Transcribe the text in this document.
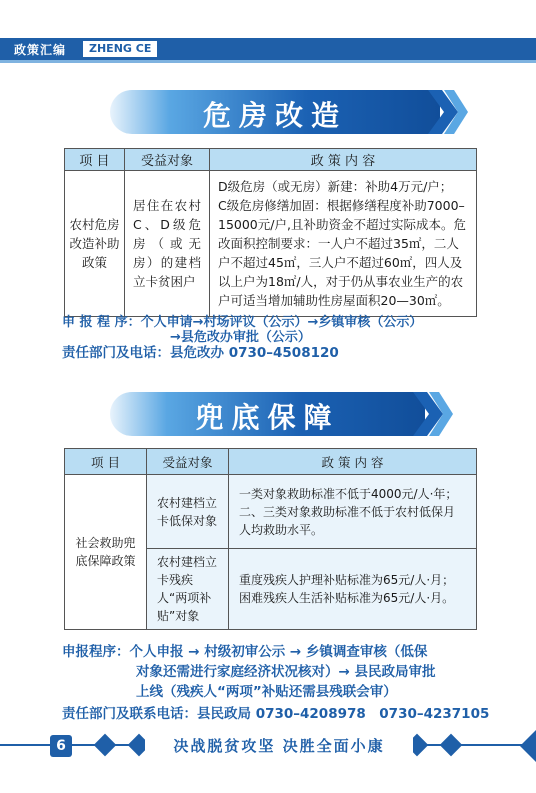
政策汇编	ZHENG CE
危房改造
项 目	受益对象	政 策 内 容
农村危房改造补助政策	居住在农村C、D级危房（或无房）的建档立卡贫困户	D级危房（或无房）新建：补助4万元/户；
C级危房修缮加固：根据修缮程度补助7000–15000元/户,且补助资金不超过实际成本。危改面积控制要求：一人户不超过35㎡，二人户不超过45㎡，三人户不超过60㎡，四人及以上户为18㎡/人，对于仍从事农业生产的农户可适当增加辅助性房屋面积20—30㎡。
申 报 程 序：个人申请→村场评议（公示）→乡镇审核（公示）
→县危改办审批（公示）
责任部门及电话：县危改办 0730–4508120
兜底保障
项 目	受益对象	政 策 内 容
社会救助兜底保障政策	农村建档立卡低保对象	一类对象救助标准不低于4000元/人·年；二、三类对象救助标准不低于农村低保月人均救助水平。
	农村建档立卡残疾人“两项补贴”对象	重度残疾人护理补贴标准为65元/人·月；困难残疾人生活补贴标准为65元/人·月。
申报程序：个人申报 → 村级初审公示 → 乡镇调查审核（低保
对象还需进行家庭经济状况核对）→ 县民政局审批
上线（残疾人“两项”补贴还需县残联会审）
责任部门及联系电话：县民政局 0730–4208978　0730–4237105
6	决战脱贫攻坚 决胜全面小康
